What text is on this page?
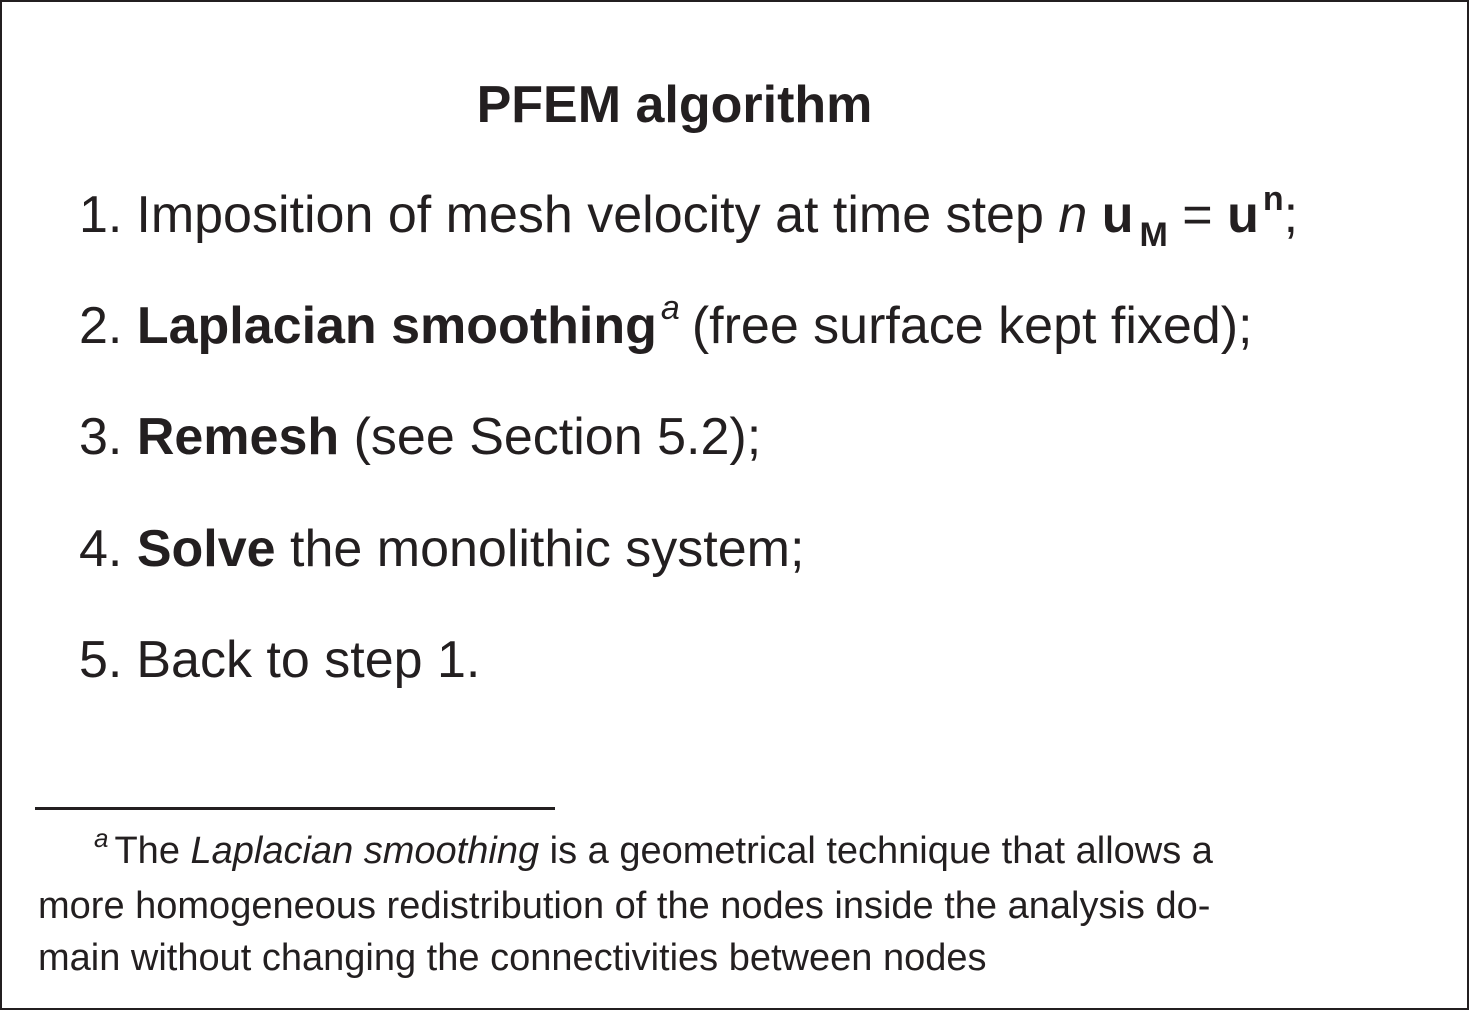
PFEM algorithm
1. Imposition of mesh velocity at time step n u $_M$ = u $^n$;
2. Laplacian smoothing $^a$ (free surface kept fixed);
3. Remesh (see Section 5.2);
4. Solve the monolithic system;
5. Back to step 1.
$^a$ The Laplacian smoothing is a geometrical technique that allows a
more homogeneous redistribution of the nodes inside the analysis do-
main without changing the connectivities between nodes
